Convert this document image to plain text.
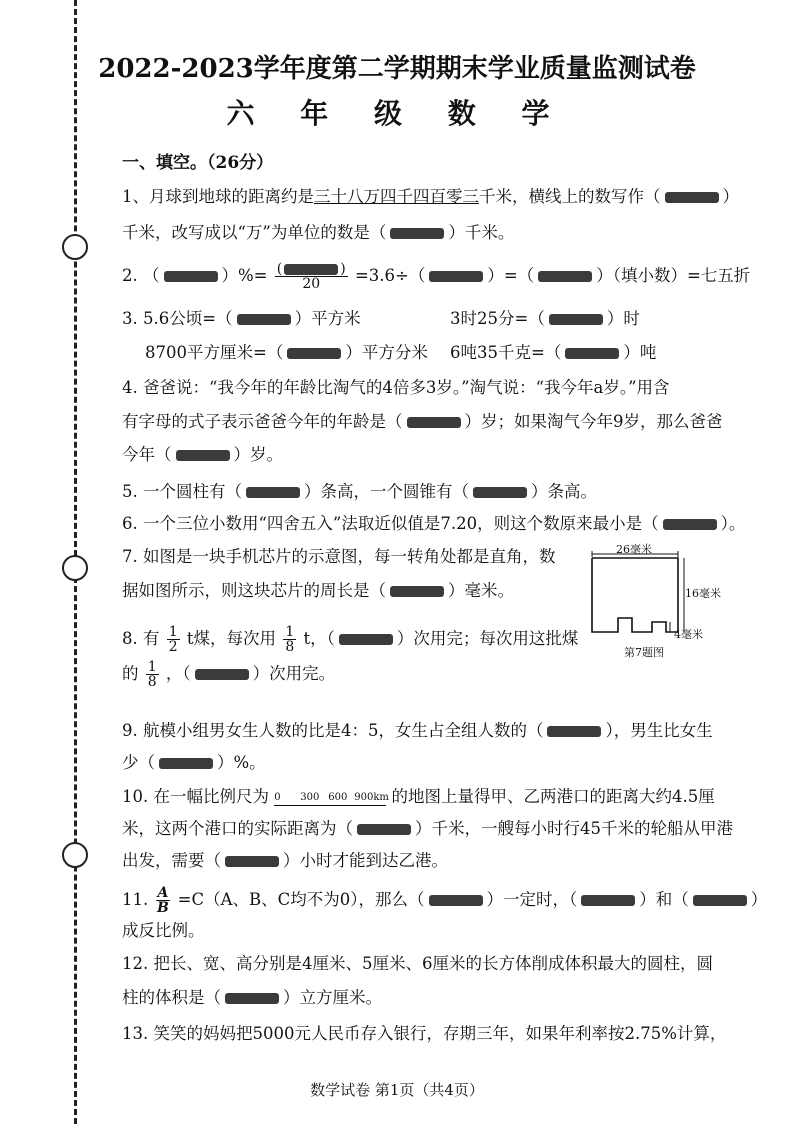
2022-2023学年度第二学期期末学业质量监测试卷
六 年 级 数 学
一、填空。（26分）
1、月球到地球的距离约是三十八万四千四百零三千米，横线上的数写作（	）
千米，改写成以“万”为单位的数是（	）千米。
2. （	）%= (	)
20 =3.6÷（	）=（	）（填小数）=七五折
3. 5.6公顷=（	）平方米	3时25分=（	）时
8700平方厘米=（	）平方分米 6吨35千克=（	）吨
4. 爸爸说：“我今年的年龄比淘气的4倍多3岁。”淘气说：“我今年a岁。”用含
有字母的式子表示爸爸今年的年龄是（	）岁；如果淘气今年9岁，那么爸爸
今年（	）岁。
5. 一个圆柱有（	）条高，一个圆锥有（	）条高。
6. 一个三位小数用“四舍五入”法取近似值是7.20，则这个数原来最小是（	）。
7. 如图是一块手机芯片的示意图，每一转角处都是直角，数
据如图所示，则这块芯片的周长是（	）毫米。
26毫米
16毫米
4毫米
第7题图
8. 有 $\frac{1}{2}$ t煤，每次用 $\frac{1}{8}$ t，（	）次用完；每次用这批煤
的 $\frac{1}{8}$ ，（	）次用完。
9. 航模小组男女生人数的比是4：5，女生占全组人数的（	），男生比女生
少（	）%。
10. 在一幅比例尺为 0 300 600 900km 的地图上量得甲、乙两港口的距离大约4.5厘
米，这两个港口的实际距离为（	）千米，一艘每小时行45千米的轮船从甲港
出发，需要（	）小时才能到达乙港。
11. $\frac{A}{B} =C(A$、B、C均不为0），那么（	）一定时，（	）和（	）
成反比例。
12. 把长、宽、高分别是4厘米、5厘米、6厘米的长方体削成体积最大的圆柱，圆
柱的体积是（	）立方厘米。
13. 笑笑的妈妈把5000元人民币存入银行，存期三年，如果年利率按2.75%计算，
数学试卷 第1页（共4页）
